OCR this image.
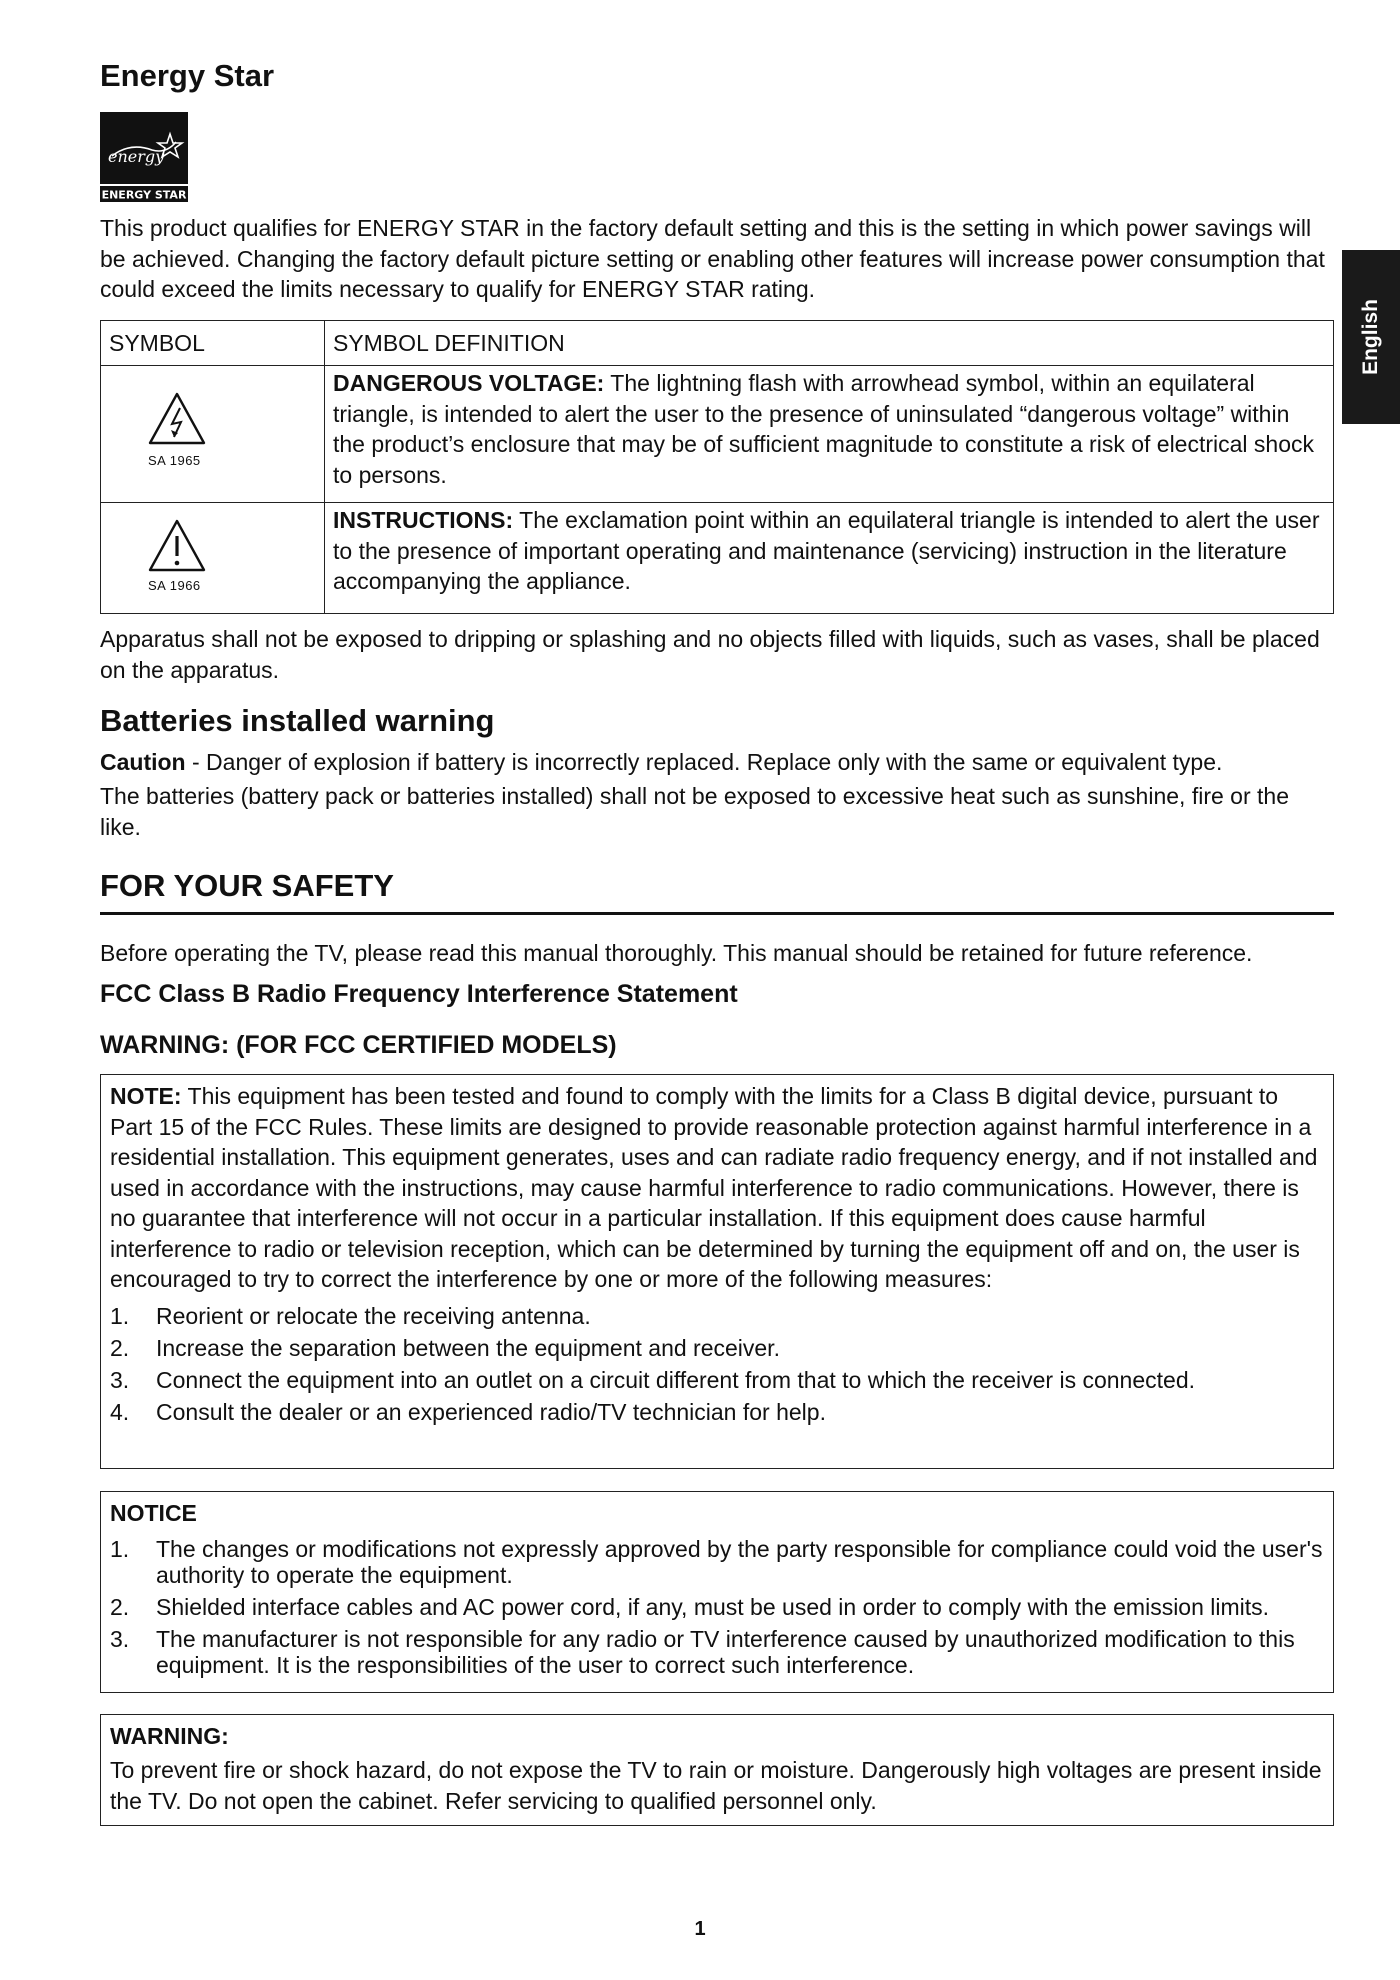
English
Energy Star
energy
ENERGY STAR

This product qualifies for ENERGY STAR in the factory default setting and this is the setting in which power savings will be achieved. Changing the factory default picture setting or enabling other features will increase power consumption that could exceed the limits necessary to qualify for ENERGY STAR rating.

SYMBOL	SYMBOL DEFINITION

SA 1965	DANGEROUS VOLTAGE: The lightning flash with arrowhead symbol, within an equilateral triangle, is intended to alert the user to the presence of uninsulated “dangerous voltage” within the product’s enclosure that may be of sufficient magnitude to constitute a risk of electrical shock to persons.

SA 1966	INSTRUCTIONS: The exclamation point within an equilateral triangle is intended to alert the user to the presence of important operating and maintenance (servicing) instruction in the literature accompanying the appliance.

Apparatus shall not be exposed to dripping or splashing and no objects filled with liquids, such as vases, shall be placed on the apparatus.

Batteries installed warning

Caution - Danger of explosion if battery is incorrectly replaced. Replace only with the same or equivalent type.

The batteries (battery pack or batteries installed) shall not be exposed to excessive heat such as sunshine, fire or the like.

FOR YOUR SAFETY

Before operating the TV, please read this manual thoroughly. This manual should be retained for future reference.

FCC Class B Radio Frequency Interference Statement
WARNING: (FOR FCC CERTIFIED MODELS)

NOTE: This equipment has been tested and found to comply with the limits for a Class B digital device, pursuant to Part 15 of the FCC Rules. These limits are designed to provide reasonable protection against harmful interference in a residential installation. This equipment generates, uses and can radiate radio frequency energy, and if not installed and used in accordance with the instructions, may cause harmful interference to radio communications. However, there is no guarantee that interference will not occur in a particular installation. If this equipment does cause harmful interference to radio or television reception, which can be determined by turning the equipment off and on, the user is encouraged to try to correct the interference by one or more of the following measures:

1. Reorient or relocate the receiving antenna.
2. Increase the separation between the equipment and receiver.
3. Connect the equipment into an outlet on a circuit different from that to which the receiver is connected.
4. Consult the dealer or an experienced radio/TV technician for help.
NOTICE
1. The changes or modifications not expressly approved by the party responsible for compliance could void the user's authority to operate the equipment.
2. Shielded interface cables and AC power cord, if any, must be used in order to comply with the emission limits.
3. The manufacturer is not responsible for any radio or TV interference caused by unauthorized modification to this equipment. It is the responsibilities of the user to correct such interference.
WARNING:

To prevent fire or shock hazard, do not expose the TV to rain or moisture. Dangerously high voltages are present inside the TV. Do not open the cabinet. Refer servicing to qualified personnel only.

1
